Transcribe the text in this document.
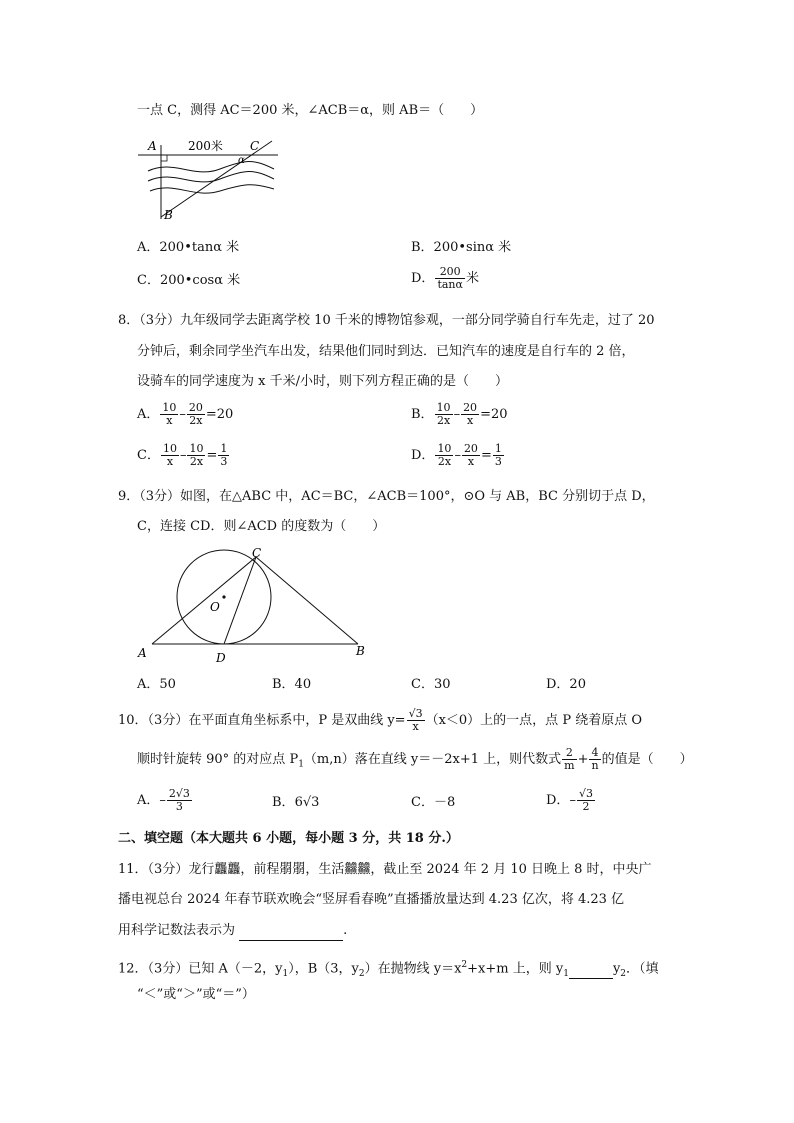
一点 C，测得 AC＝200 米，∠ACB＝α，则 AB＝（　　）
A	C
B
200米
α
A．200•tanα 米	B．200•sinα 米
C．200•cosα 米	D． $\frac{200}{\tan\alpha}$ 米
8．（3分）九年级同学去距离学校 10 千米的博物馆参观，一部分同学骑自行车先走，过了 20
分钟后，剩余同学坐汽车出发，结果他们同时到达．已知汽车的速度是自行车的 2 倍，
设骑车的同学速度为 x 千米/小时，则下列方程正确的是（　　）
A． $\frac{10}{x} - \frac{20}{2x} =20$	B． $\frac{10}{2x} - \frac{20}{x} =20$
C． $\frac{10}{x} - \frac{10}{2x} = \frac{1}{3}$	D． $\frac{10}{2x} - \frac{20}{x} = \frac{1}{3}$
9．（3分）如图，在△ABC 中，AC＝BC，∠ACB＝100°，⊙O 与 AB，BC 分别切于点 D，
C，连接 CD．则∠ACD 的度数为（　　）
A	B
C
D
O
A．50	B．40	C．30	D．20
10．（3分）在平面直角坐标系中，P 是双曲线 $y= \frac{√3}{x} (x<0)$上的一点，点 P 绕着原点 O
顺时针旋转 90° 的对应点 $P_1(m,n)$落在直线 y＝－2x+1 上，则代数式 $\frac{2}{m} + \frac{4}{n}$ 的值是（　　）
A．– $\frac{2√3}{3}$	B．6√3	C．－8	D．– $\frac{√3}{2}$
二、填空题（本大题共 6 小题，每小题 3 分，共 18 分.）
11．（3分）龙行龘龘，前程朤朤，生活䲜䲜，截止至 2024 年 2 月 10 日晚上 8 时，中央广
播电视总台 2024 年春节联欢晚会“竖屏看春晚”直播播放量达到 4.23 亿次，将 4.23 亿
用科学记数法表示为	.
12．（3分）已知 A（－2，$y_1$），B（3，$y_2$）在抛物线 $y=x^2+x+m$ 上，则 $y_1$	$y_2$．（填
“＜”或“＞”或“＝”）
